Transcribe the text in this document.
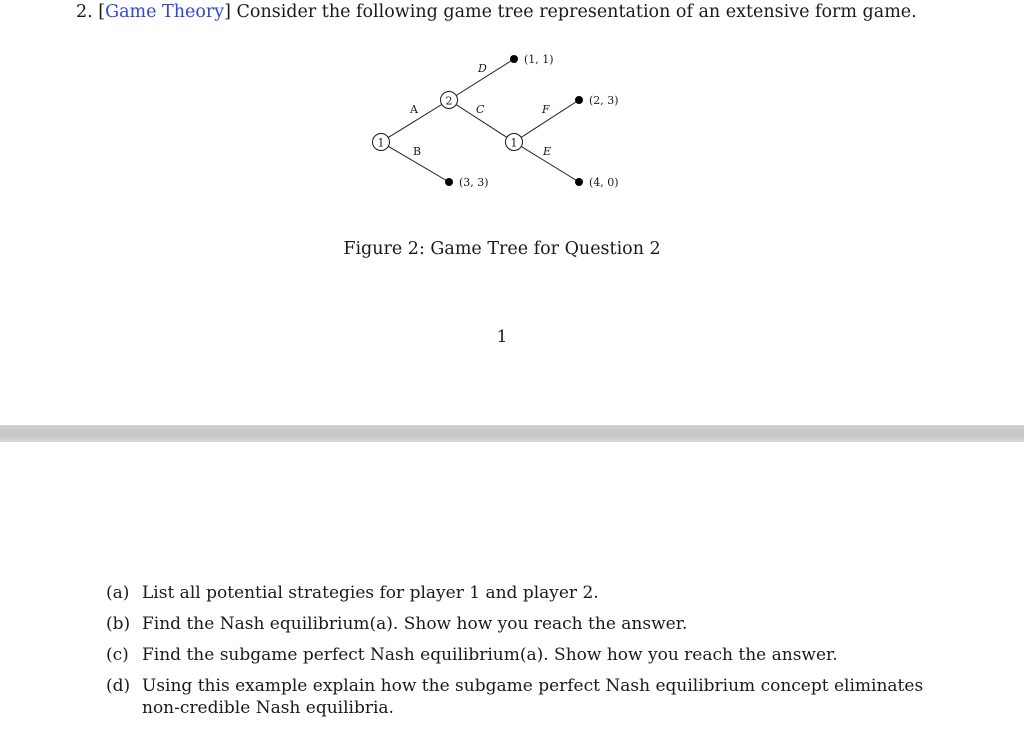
2. [Game Theory] Consider the following game tree representation of an extensive form game.
1
2
1
A
B
D
C	F
E
(1, 1)
(2, 3)
(3, 3)	(4, 0)
Figure 2: Game Tree for Question 2
1
(a) List all potential strategies for player 1 and player 2.
(b) Find the Nash equilibrium(a). Show how you reach the answer.
(c) Find the subgame perfect Nash equilibrium(a). Show how you reach the answer.
(d) Using this example explain how the subgame perfect Nash equilibrium concept eliminates non-credible Nash equilibria.
